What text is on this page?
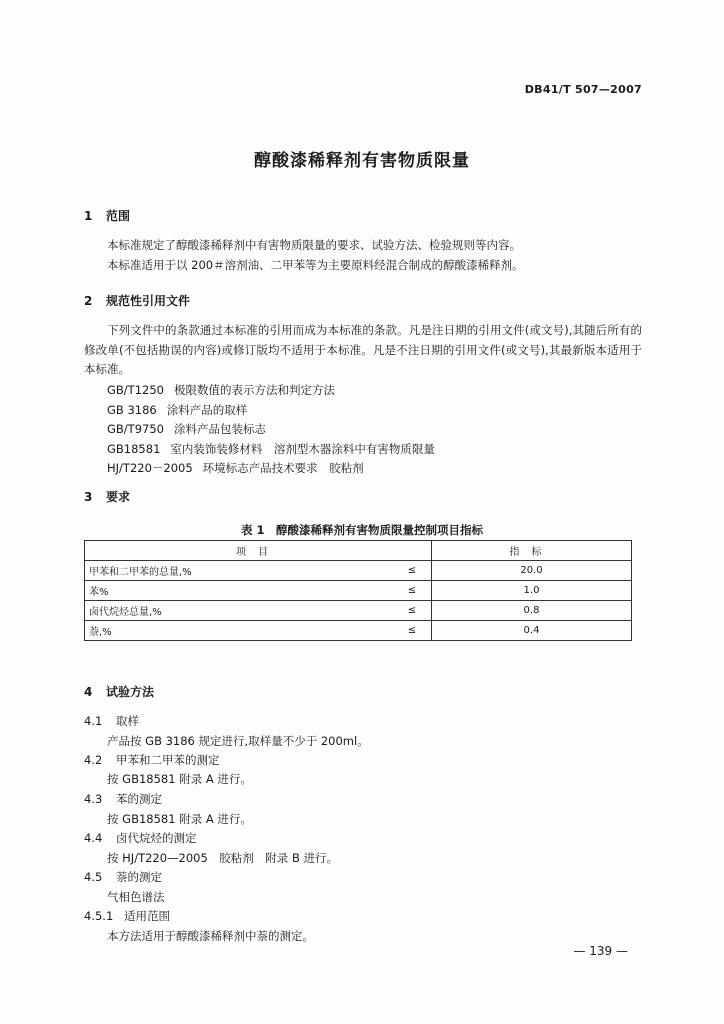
DB41/T 507—2007
醇酸漆稀释剂有害物质限量
1 范围
本标准规定了醇酸漆稀释剂中有害物质限量的要求、试验方法、检验规则等内容。
本标准适用于以 200＃溶剂油、二甲苯等为主要原料经混合制成的醇酸漆稀释剂。
2 规范性引用文件
下列文件中的条款通过本标准的引用而成为本标准的条款。凡是注日期的引用文件(或文号),其随后所有的修改单(不包括勘误的内容)或修订版均不适用于本标准。凡是不注日期的引用文件(或文号),其最新版本适用于本标准。
GB/T1250 极限数值的表示方法和判定方法
GB 3186 涂料产品的取样
GB/T9750 涂料产品包装标志
GB18581 室内装饰装修材料　溶剂型木器涂料中有害物质限量
HJ/T220－2005 环境标志产品技术要求　胶粘剂
3 要求
表 1　醇酸漆稀释剂有害物质限量控制项目指标
项目		指标
甲苯和二甲苯的总量,%	≤	20.0
苯%	≤	1.0
卤代烷烃总量,%	≤	0.8
萘,%	≤	0.4
4 试验方法
4.1 取样
产品按 GB 3186 规定进行,取样量不少于 200ml。
4.2 甲苯和二甲苯的测定
按 GB18581 附录 A 进行。
4.3 苯的测定
按 GB18581 附录 A 进行。
4.4 卤代烷烃的测定
按 HJ/T220—2005　胶粘剂　附录 B 进行。
4.5 萘的测定
气相色谱法
4.5.1 适用范围
本方法适用于醇酸漆稀释剂中萘的测定。
— 139 —
